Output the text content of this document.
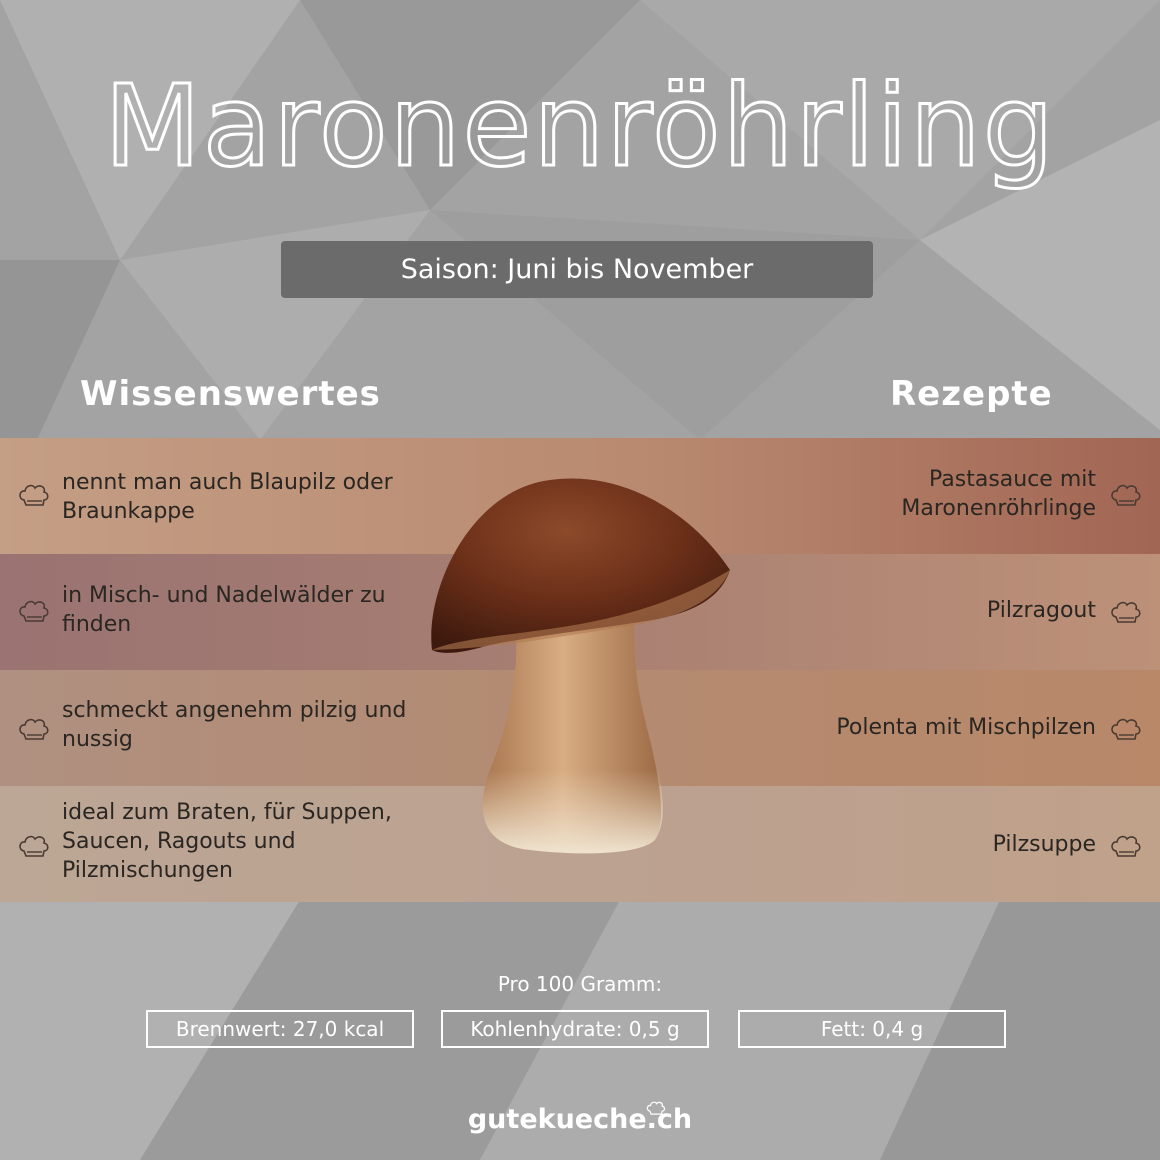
Maronenröhrling
Saison: Juni bis November
Wissenswertes	Rezepte
nennt man auch Blaupilz oder Braunkappe
in Misch- und Nadelwälder zu finden
schmeckt angenehm pilzig und nussig
ideal zum Braten, für Suppen, Saucen, Ragouts und Pilzmischungen
Pastasauce mit Maronenröhrlinge
Pilzragout
Polenta mit Mischpilzen
Pilzsuppe
Pro 100 Gramm:
Brennwert: 27,0 kcal	Kohlenhydrate: 0,5 g	Fett: 0,4 g
gutekueche.ch
